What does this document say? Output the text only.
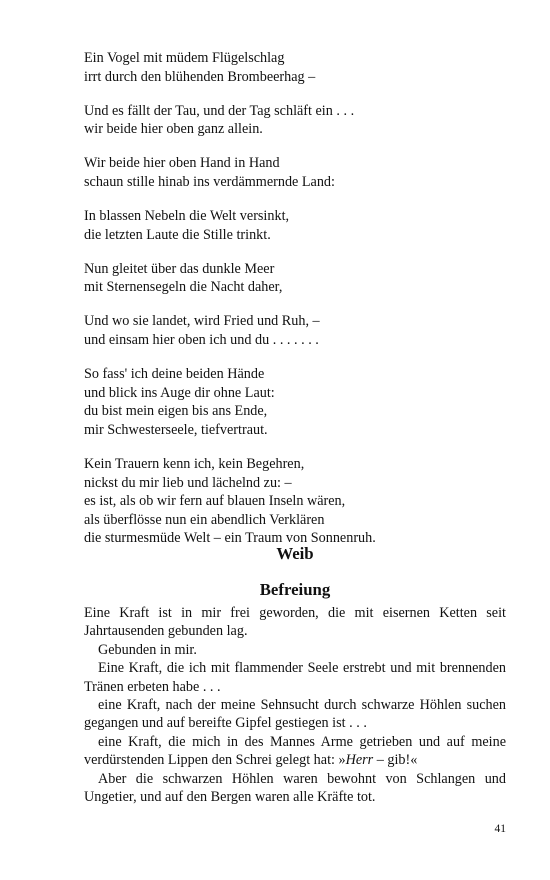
Ein Vogel mit müdem Flügelschlag
irrt durch den blühenden Brombeerhag –
Und es fällt der Tau, und der Tag schläft ein . . .
wir beide hier oben ganz allein.
Wir beide hier oben Hand in Hand
schaun stille hinab ins verdämmernde Land:
In blassen Nebeln die Welt versinkt,
die letzten Laute die Stille trinkt.
Nun gleitet über das dunkle Meer
mit Sternensegeln die Nacht daher,
Und wo sie landet, wird Fried und Ruh, –
und einsam hier oben ich und du . . . . . . .
So fass' ich deine beiden Hände
und blick ins Auge dir ohne Laut:
du bist mein eigen bis ans Ende,
mir Schwesterseele, tiefvertraut.
Kein Trauern kenn ich, kein Begehren,
nickst du mir lieb und lächelnd zu: –
es ist, als ob wir fern auf blauen Inseln wären,
als überflösse nun ein abendlich Verklären
die sturmesmüde Welt – ein Traum von Sonnenruh.
Weib
Befreiung

Eine Kraft ist in mir frei geworden, die mit eisernen Ketten seit Jahrtausenden gebunden lag.

Gebunden in mir.

Eine Kraft, die ich mit flammender Seele erstrebt und mit brennenden Tränen erbeten habe . . .

eine Kraft, nach der meine Sehnsucht durch schwarze Höhlen suchen gegangen und auf bereifte Gipfel gestiegen ist . . .

eine Kraft, die mich in des Mannes Arme getrieben und auf meine verdürstenden Lippen den Schrei gelegt hat: »Herr – gib!«

Aber die schwarzen Höhlen waren bewohnt von Schlangen und Ungetier, und auf den Bergen waren alle Kräfte tot.

41
